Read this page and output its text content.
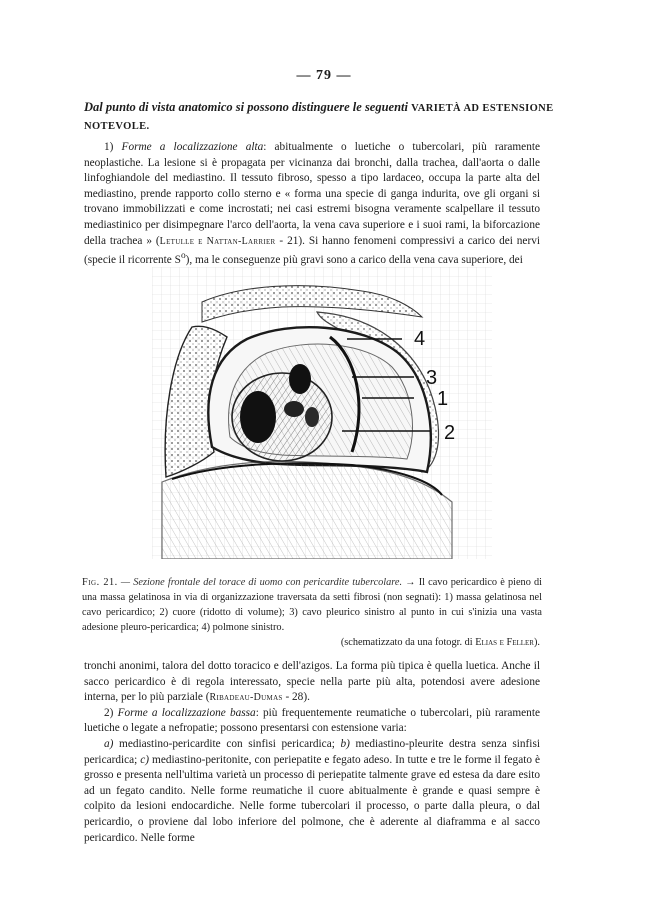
— 79 —

Dal punto di vista anatomico si possono distinguere le seguenti VARIETÀ AD ESTENSIONE NOTEVOLE.

1) Forme a localizzazione alta: abitualmente o luetiche o tubercolari, più raramente neoplastiche. La lesione si è propagata per vicinanza dai bronchi, dalla trachea, dall'aorta o dalle linfoghiandole del mediastino. Il tessuto fibroso, spesso a tipo lardaceo, occupa la parte alta del mediastino, prende rapporto collo sterno e « forma una specie di ganga indurita, ove gli organi si trovano immobilizzati e come incrostati; nei casi estremi bisogna veramente scalpellare il tessuto mediastinico per disimpegnare l'arco dell'aorta, la vena cava superiore e i suoi rami, la biforcazione della trachea » (Letulle e Nattan-Larrier - 21). Si hanno fenomeni compressivi a carico dei nervi (specie il ricorrente $S^o$), ma le conseguenze più gravi sono a carico della vena cava superiore, dei

4
3
1
2
Fig. 21. — Sezione frontale del torace di uomo con pericardite tubercolare. → Il cavo pericardico è pieno di una massa gelatinosa in via di organizzazione traversata da setti fibrosi (non segnati): 1) massa gelatinosa nel cavo pericardico; 2) cuore (ridotto di volume); 3) cavo pleurico sinistro al punto in cui s'inizia una vasta adesione pleuro-pericardica; 4) polmone sinistro.
(schematizzato da una fotogr. di Elias e Feller).

tronchi anonimi, talora del dotto toracico e dell'azigos. La forma più tipica è quella luetica. Anche il sacco pericardico è di regola interessato, specie nella parte più alta, potendosi avere adesione interna, per lo più parziale (Ribadeau-Dumas - 28).
2) Forme a localizzazione bassa: più frequentemente reumatiche o tubercolari, più raramente luetiche o legate a nefropatie; possono presentarsi con estensione varia:
a) mediastino-pericardite con sinfisi pericardica; b) mediastino-pleurite destra senza sinfisi pericardica; c) mediastino-peritonite, con periepatite e fegato adeso. In tutte e tre le forme il fegato è grosso e presenta nell'ultima varietà un processo di periepatite talmente grave ed estesa da dare esito ad un fegato candito. Nelle forme reumatiche il cuore abitualmente è grande e quasi sempre è colpito da lesioni endocardiche. Nelle forme tubercolari il processo, o parte dalla pleura, o dal pericardio, o proviene dal lobo inferiore del polmone, che è aderente al diaframma e al sacco pericardico. Nelle forme
